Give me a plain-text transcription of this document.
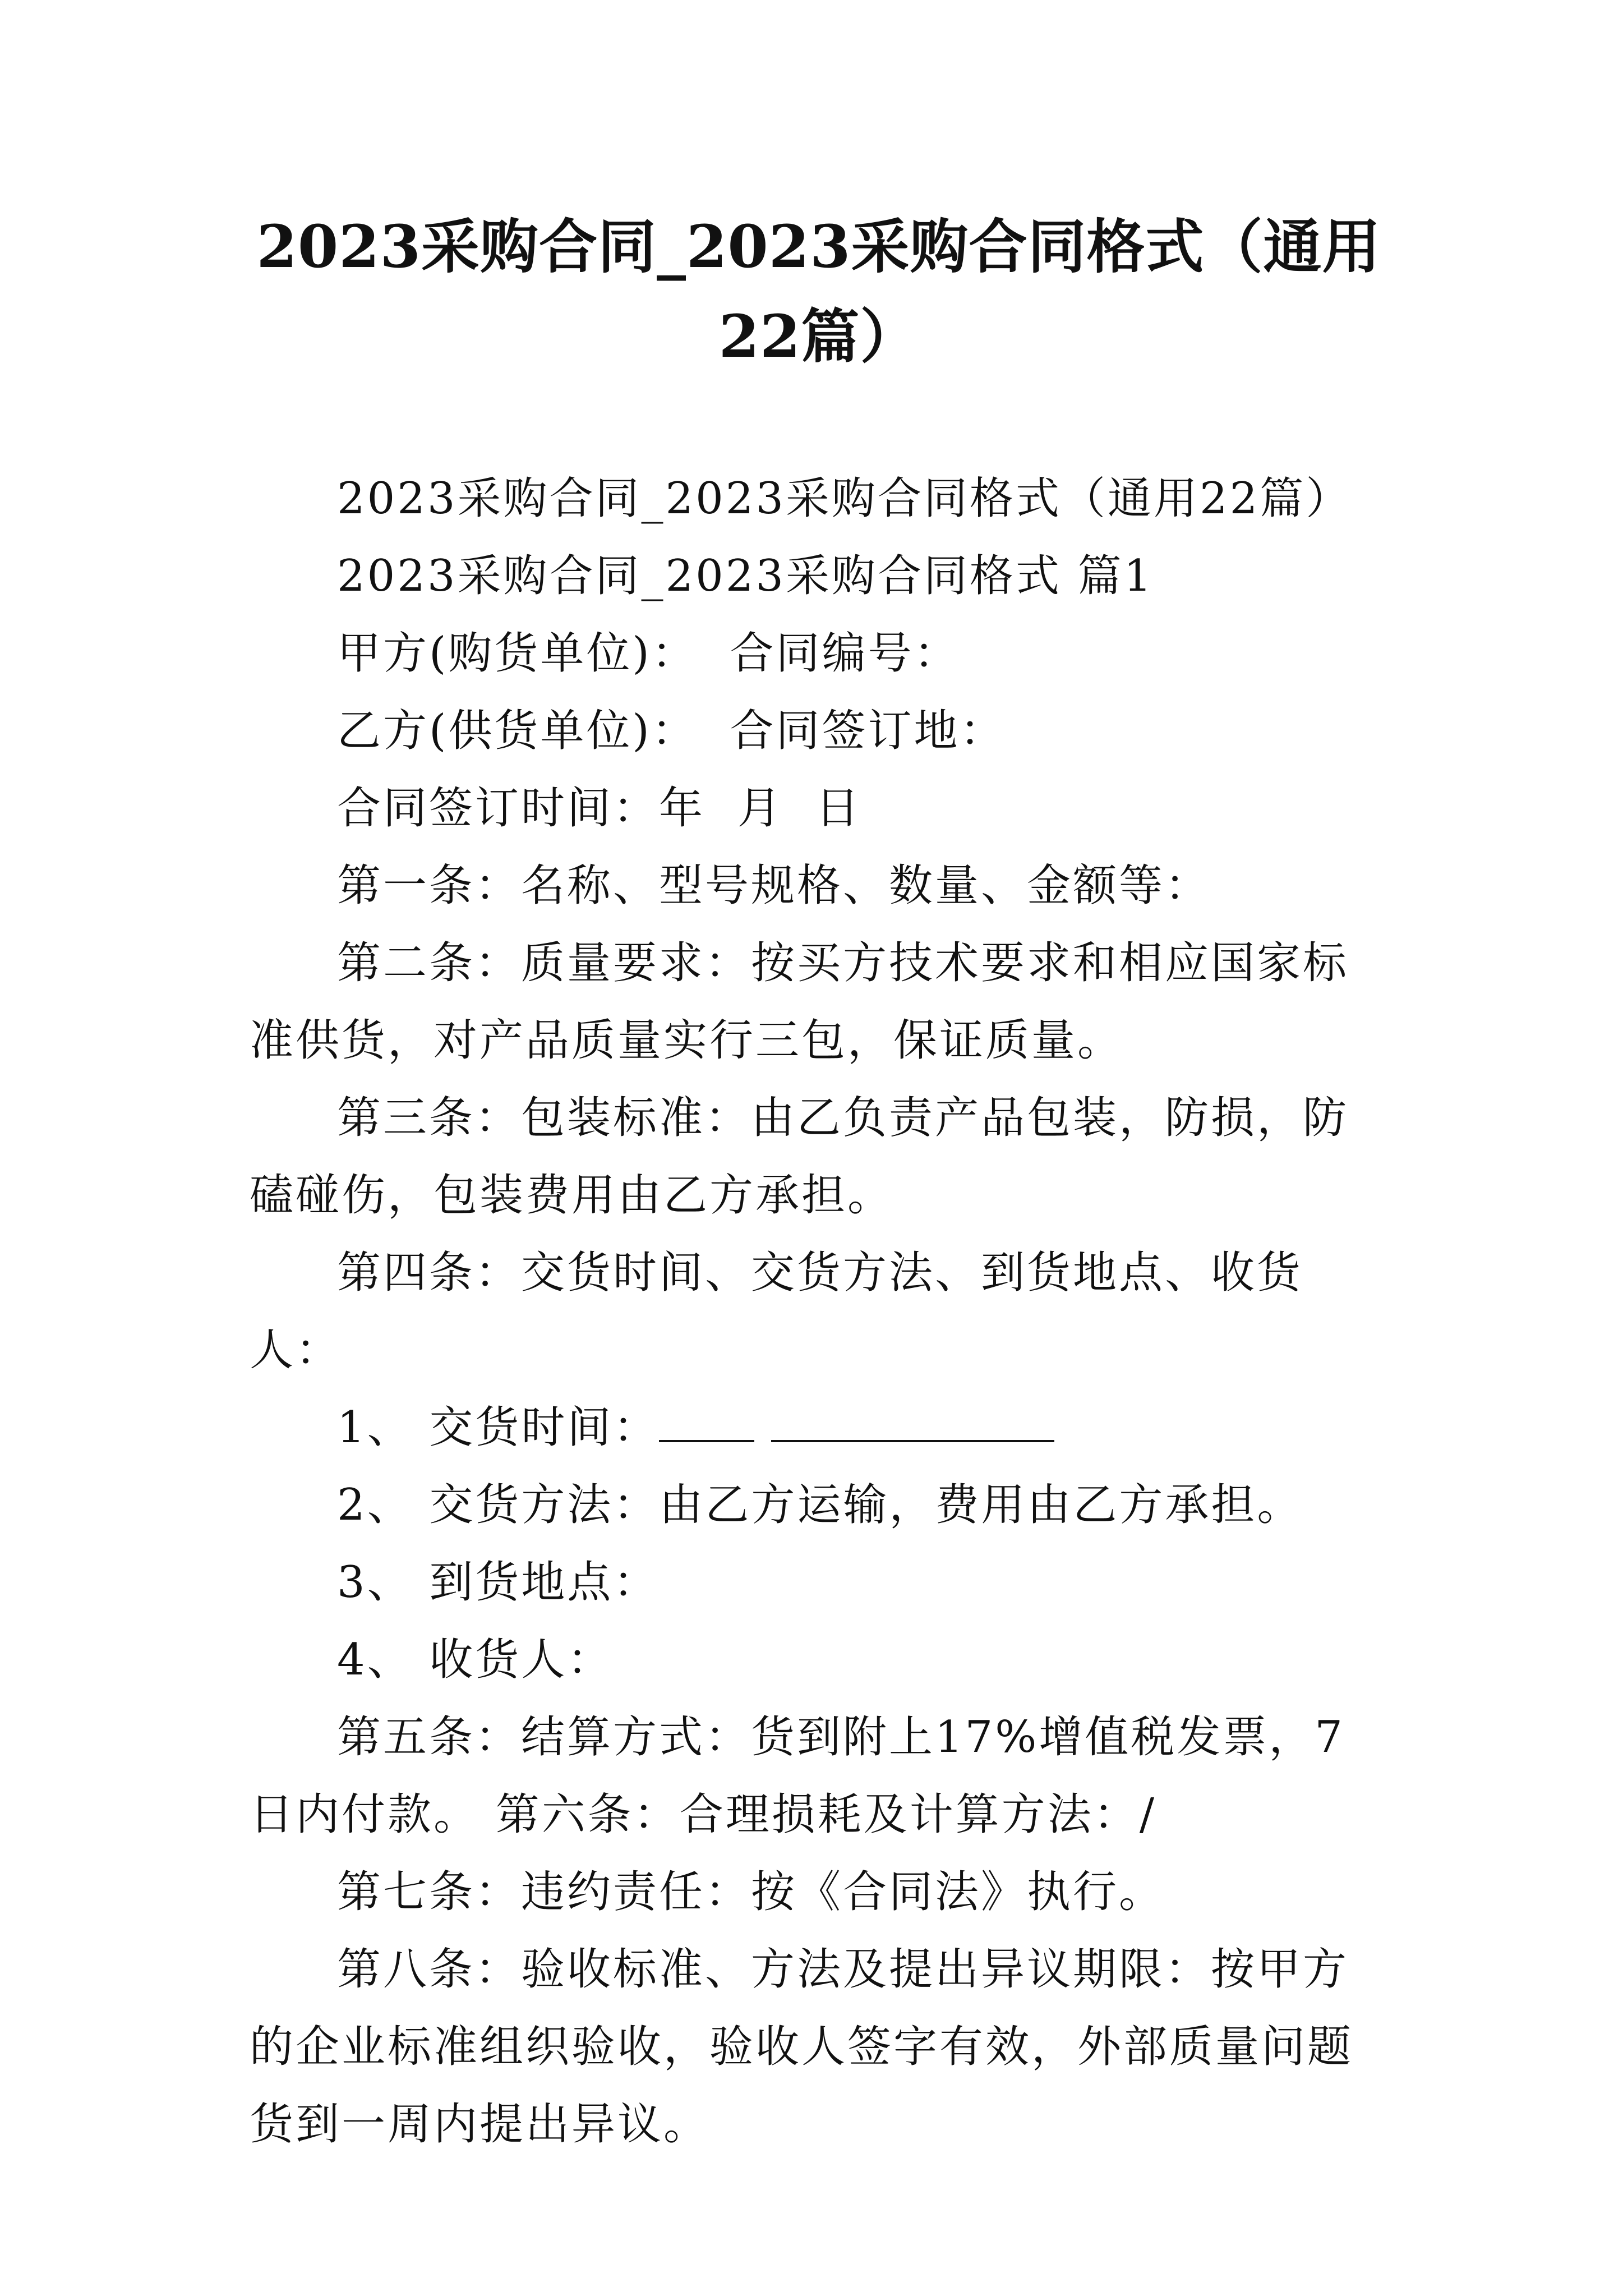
2023采购合同_2023采购合同格式（通用22篇）

2023采购合同_2023采购合同格式（通用22篇）

2023采购合同_2023采购合同格式 篇1

甲方(购货单位)：  合同编号：

乙方(供货单位)：  合同签订地：

合同签订时间：年  月  日

第一条：名称、型号规格、数量、金额等：

第二条：质量要求：按买方技术要求和相应国家标准供货，对产品质量实行三包，保证质量。

第三条：包装标准：由乙负责产品包装，防损，防磕碰伤，包装费用由乙方承担。

第四条：交货时间、交货方法、到货地点、收货人：

1、 交货时间：

2、 交货方法：由乙方运输，费用由乙方承担。

3、 到货地点：

4、 收货人：

第五条：结算方式：货到附上17%增值税发票，7日内付款。 第六条：合理损耗及计算方法：/

第七条：违约责任：按《合同法》执行。

第八条：验收标准、方法及提出异议期限：按甲方的企业标准组织验收，验收人签字有效，外部质量问题货到一周内提出异议。
